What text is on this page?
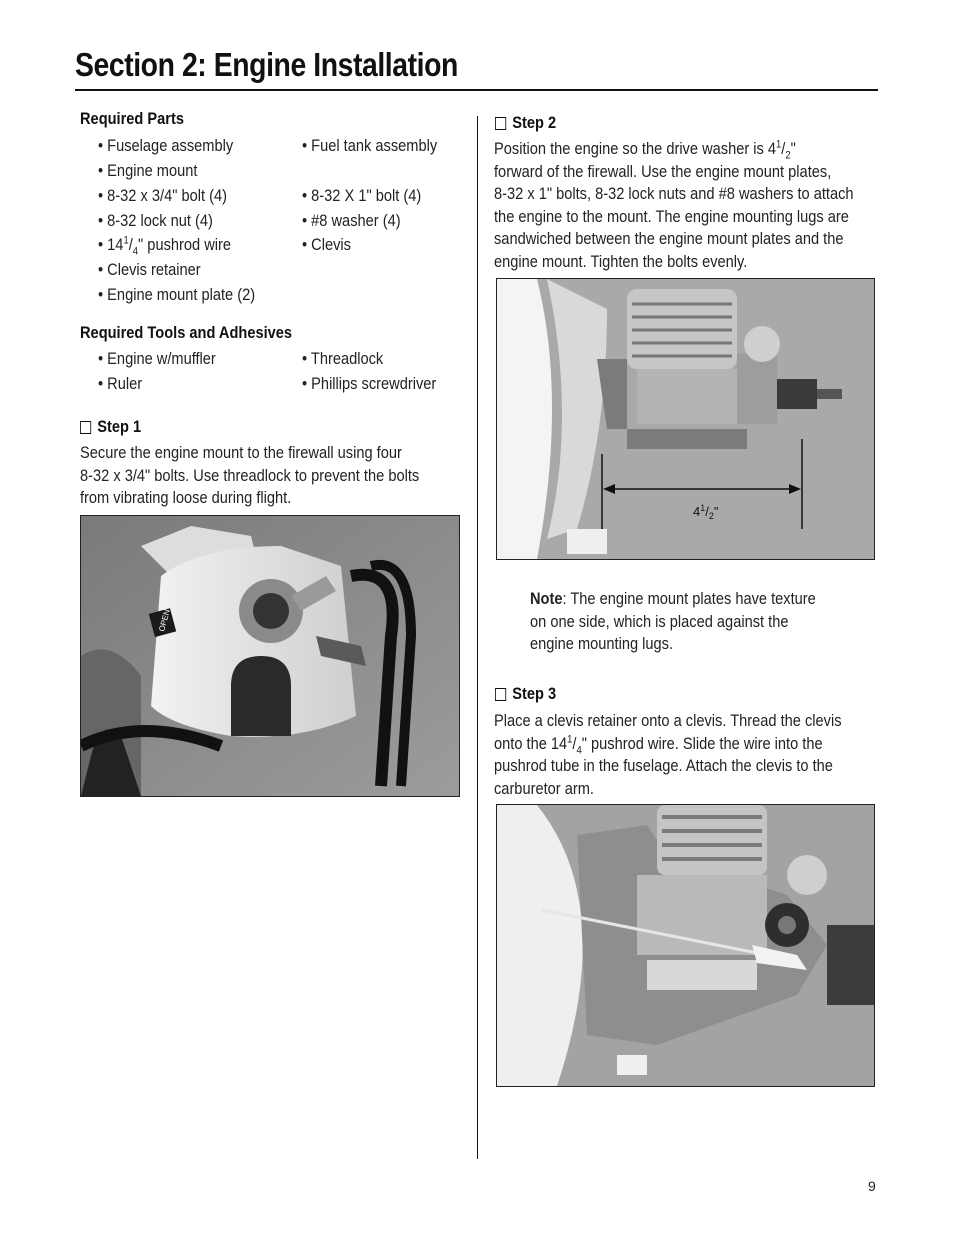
Section 2: Engine Installation
Required Parts
• Fuselage assembly
• Engine mount
• 8-32 x 3/4" bolt (4)
• 8-32 lock nut (4)
• $14^1/_4$" pushrod wire
• Clevis retainer
• Engine mount plate (2)
• Fuel tank assembly
• 8-32 X 1" bolt (4)
• #8 washer (4)
• Clevis
Required Tools and Adhesives
• Engine w/muffler
• Ruler
• Threadlock
• Phillips screwdriver
Step 1
Secure the engine mount to the firewall using four
8-32 x 3/4" bolts. Use threadlock to prevent the bolts
from vibrating loose during flight.
OPEN
Step 2
Position the engine so the drive washer is $4^1/_2$"
forward of the firewall. Use the engine mount plates,
8-32 x 1" bolts, 8-32 lock nuts and #8 washers to attach
the engine to the mount. The engine mounting lugs are
sandwiched between the engine mount plates and the
engine mount. Tighten the bolts evenly.
$4^1/_2$"
Note: The engine mount plates have texture
on one side, which is placed against the
engine mounting lugs.
Step 3
Place a clevis retainer onto a clevis. Thread the clevis
onto the $14^1/_4$" pushrod wire. Slide the wire into the
pushrod tube in the fuselage. Attach the clevis to the
carburetor arm.
9
